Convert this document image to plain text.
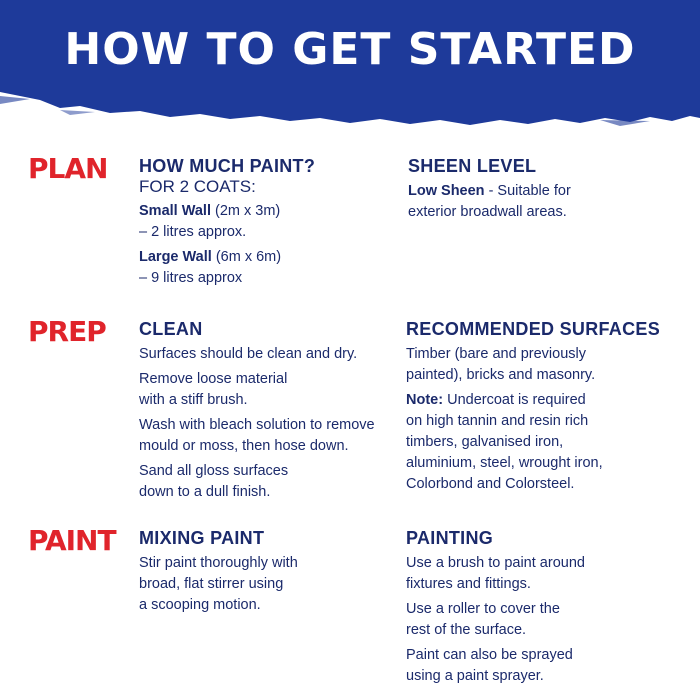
HOW TO GET STARTED
PLAN HOW MUCH PAINT?

FOR 2 COATS:

Small Wall (2m x 3m)

– 2 litres approx.

Large Wall (6m x 6m)

– 9 litres approx

SHEEN LEVEL

Low Sheen - Suitable for
exterior broadwall areas.

PREP CLEAN

Surfaces should be clean and dry.

Remove loose material
with a stiff brush.

Wash with bleach solution to remove
mould or moss, then hose down.

Sand all gloss surfaces
down to a dull finish.

RECOMMENDED SURFACES

Timber (bare and previously
painted), bricks and masonry.

Note: Undercoat is required
on high tannin and resin rich
timbers, galvanised iron,
aluminium, steel, wrought iron,
Colorbond and Colorsteel.

PAINT MIXING PAINT

Stir paint thoroughly with
broad, flat stirrer using
a scooping motion.

PAINTING

Use a brush to paint around
fixtures and fittings.

Use a roller to cover the
rest of the surface.

Paint can also be sprayed
using a paint sprayer.
